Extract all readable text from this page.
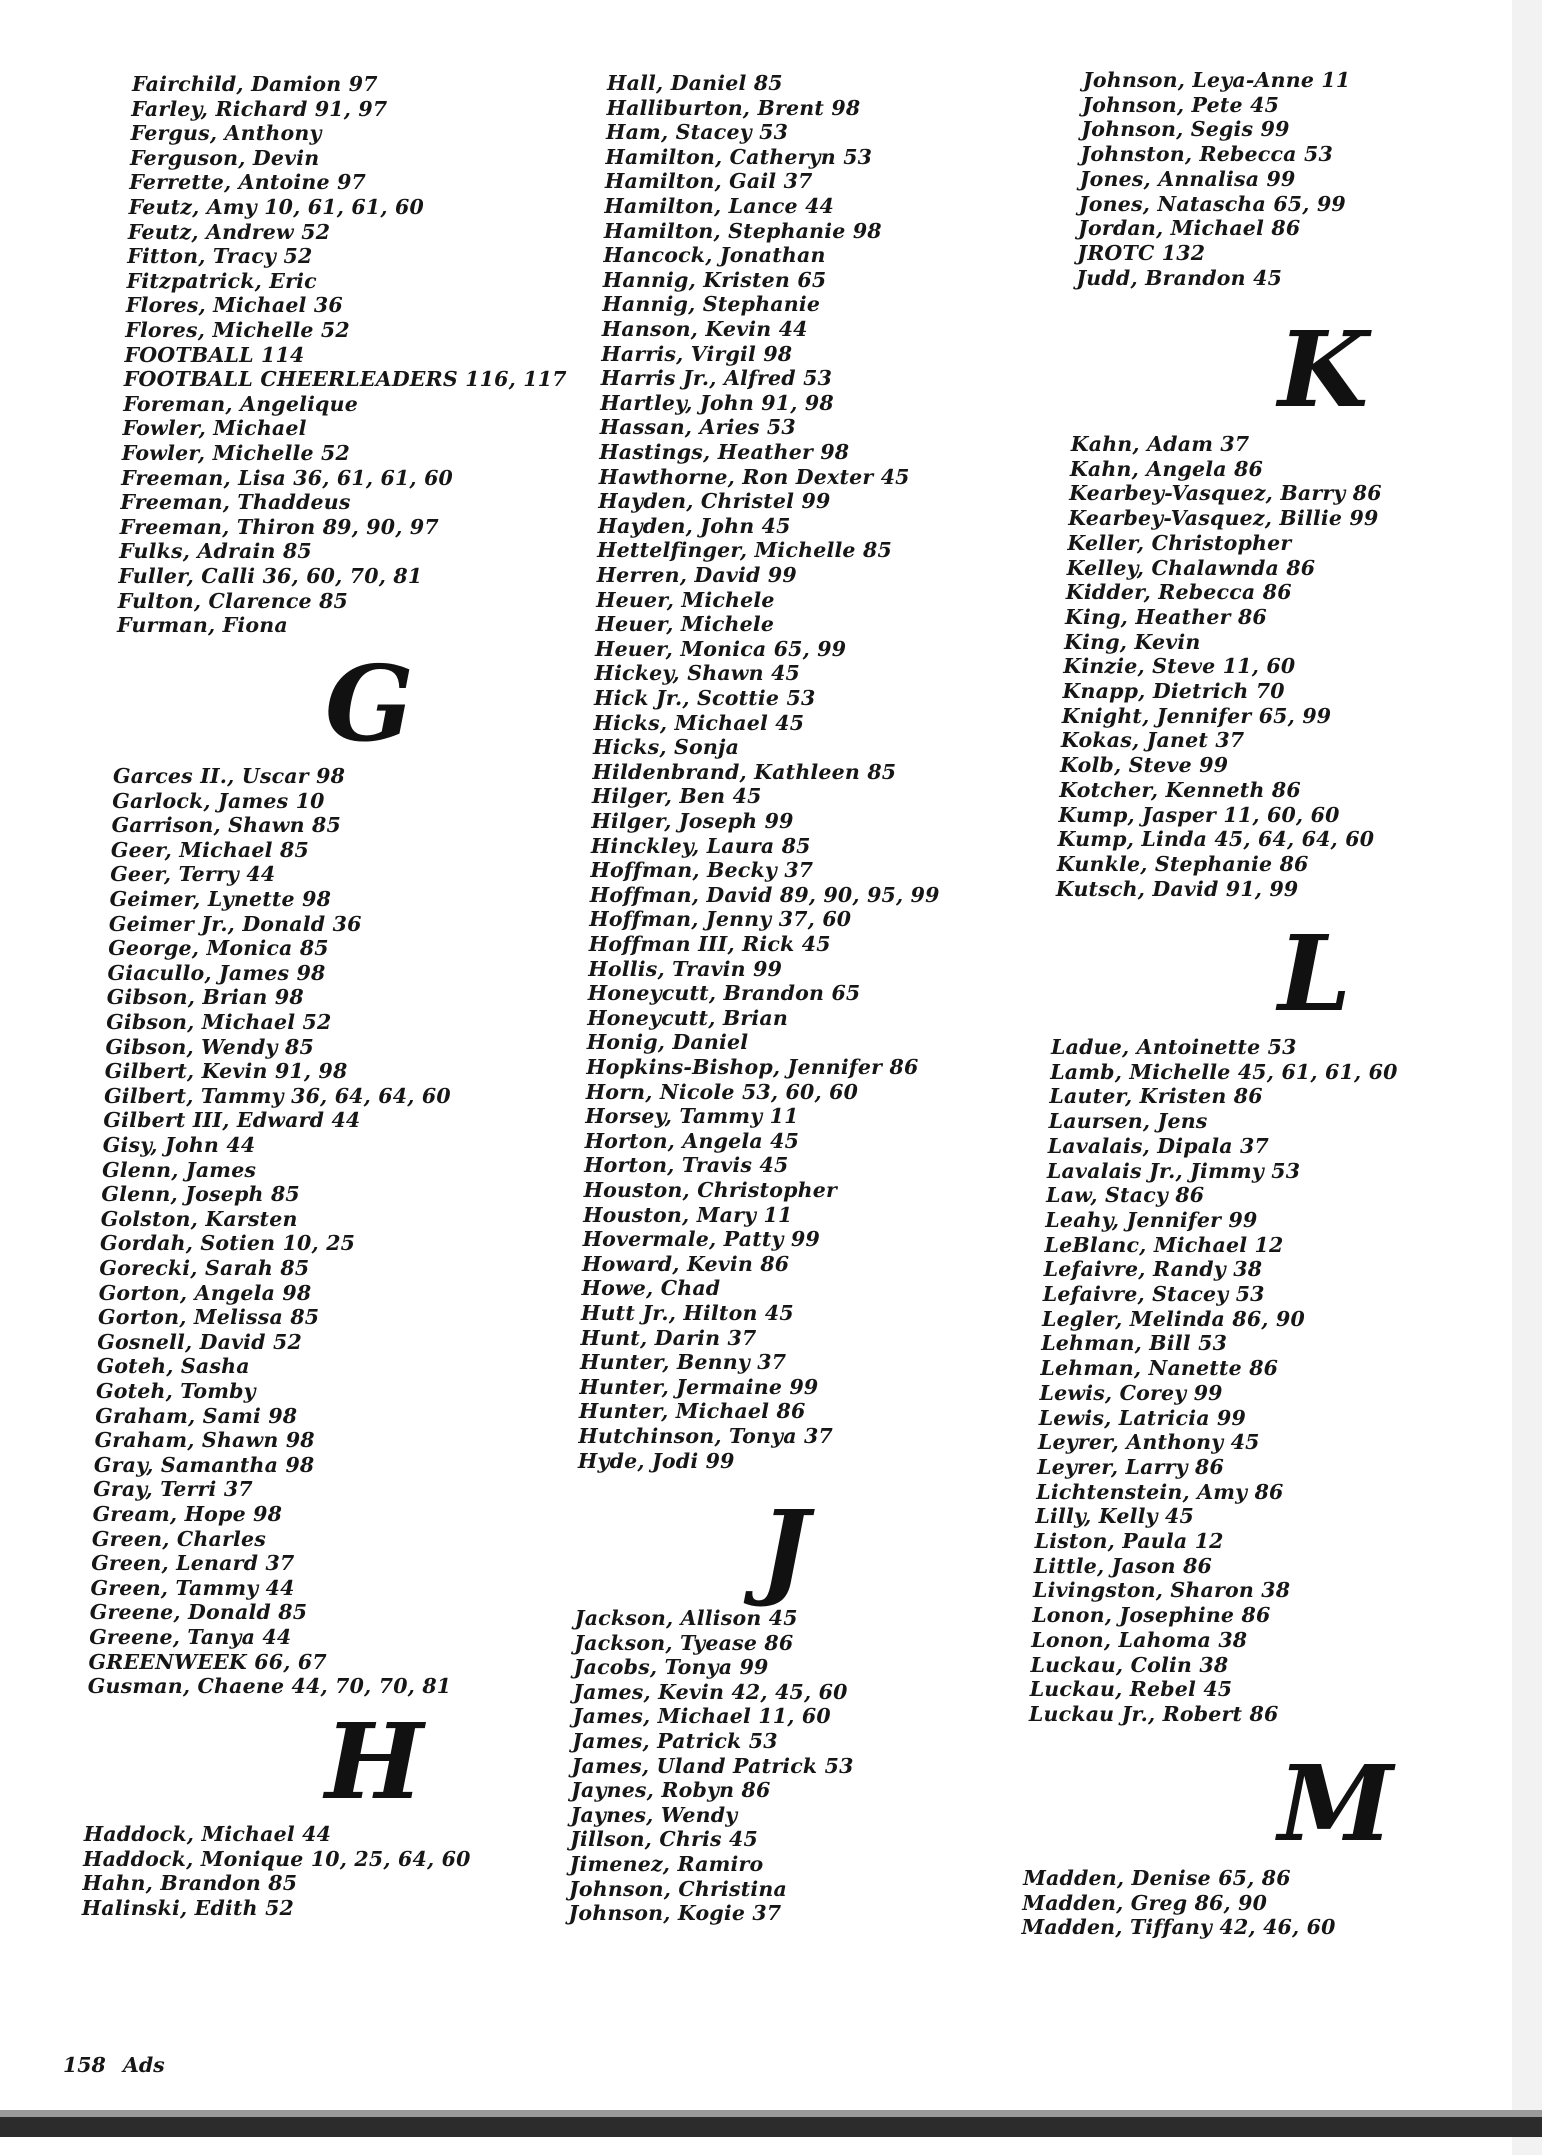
Fairchild, Damion 97
Farley, Richard 91, 97
Fergus, Anthony
Ferguson, Devin
Ferrette, Antoine 97
Feutz, Amy 10, 61, 61, 60
Feutz, Andrew 52
Fitton, Tracy 52
Fitzpatrick, Eric
Flores, Michael 36
Flores, Michelle 52
FOOTBALL 114
FOOTBALL CHEERLEADERS 116, 117
Foreman, Angelique
Fowler, Michael
Fowler, Michelle 52
Freeman, Lisa 36, 61, 61, 60
Freeman, Thaddeus
Freeman, Thiron 89, 90, 97
Fulks, Adrain 85
Fuller, Calli 36, 60, 70, 81
Fulton, Clarence 85
Furman, Fiona
G
Garces II., Uscar 98
Garlock, James 10
Garrison, Shawn 85
Geer, Michael 85
Geer, Terry 44
Geimer, Lynette 98
Geimer Jr., Donald 36
George, Monica 85
Giacullo, James 98
Gibson, Brian 98
Gibson, Michael 52
Gibson, Wendy 85
Gilbert, Kevin 91, 98
Gilbert, Tammy 36, 64, 64, 60
Gilbert III, Edward 44
Gisy, John 44
Glenn, James
Glenn, Joseph 85
Golston, Karsten
Gordah, Sotien 10, 25
Gorecki, Sarah 85
Gorton, Angela 98
Gorton, Melissa 85
Gosnell, David 52
Goteh, Sasha
Goteh, Tomby
Graham, Sami 98
Graham, Shawn 98
Gray, Samantha 98
Gray, Terri 37
Gream, Hope 98
Green, Charles
Green, Lenard 37
Green, Tammy 44
Greene, Donald 85
Greene, Tanya 44
GREENWEEK 66, 67
Gusman, Chaene 44, 70, 70, 81
H
Haddock, Michael 44
Haddock, Monique 10, 25, 64, 60
Hahn, Brandon 85
Halinski, Edith 52
Hall, Daniel 85
Halliburton, Brent 98
Ham, Stacey 53
Hamilton, Catheryn 53
Hamilton, Gail 37
Hamilton, Lance 44
Hamilton, Stephanie 98
Hancock, Jonathan
Hannig, Kristen 65
Hannig, Stephanie
Hanson, Kevin 44
Harris, Virgil 98
Harris Jr., Alfred 53
Hartley, John 91, 98
Hassan, Aries 53
Hastings, Heather 98
Hawthorne, Ron Dexter 45
Hayden, Christel 99
Hayden, John 45
Hettelfinger, Michelle 85
Herren, David 99
Heuer, Michele
Heuer, Michele
Heuer, Monica 65, 99
Hickey, Shawn 45
Hick Jr., Scottie 53
Hicks, Michael 45
Hicks, Sonja
Hildenbrand, Kathleen 85
Hilger, Ben 45
Hilger, Joseph 99
Hinckley, Laura 85
Hoffman, Becky 37
Hoffman, David 89, 90, 95, 99
Hoffman, Jenny 37, 60
Hoffman III, Rick 45
Hollis, Travin 99
Honeycutt, Brandon 65
Honeycutt, Brian
Honig, Daniel
Hopkins-Bishop, Jennifer 86
Horn, Nicole 53, 60, 60
Horsey, Tammy 11
Horton, Angela 45
Horton, Travis 45
Houston, Christopher
Houston, Mary 11
Hovermale, Patty 99
Howard, Kevin 86
Howe, Chad
Hutt Jr., Hilton 45
Hunt, Darin 37
Hunter, Benny 37
Hunter, Jermaine 99
Hunter, Michael 86
Hutchinson, Tonya 37
Hyde, Jodi 99
J
Jackson, Allison 45
Jackson, Tyease 86
Jacobs, Tonya 99
James, Kevin 42, 45, 60
James, Michael 11, 60
James, Patrick 53
James, Uland Patrick 53
Jaynes, Robyn 86
Jaynes, Wendy
Jillson, Chris 45
Jimenez, Ramiro
Johnson, Christina
Johnson, Kogie 37
Johnson, Leya-Anne 11
Johnson, Pete 45
Johnson, Segis 99
Johnston, Rebecca 53
Jones, Annalisa 99
Jones, Natascha 65, 99
Jordan, Michael 86
JROTC 132
Judd, Brandon 45
K
Kahn, Adam 37
Kahn, Angela 86
Kearbey-Vasquez, Barry 86
Kearbey-Vasquez, Billie 99
Keller, Christopher
Kelley, Chalawnda 86
Kidder, Rebecca 86
King, Heather 86
King, Kevin
Kinzie, Steve 11, 60
Knapp, Dietrich 70
Knight, Jennifer 65, 99
Kokas, Janet 37
Kolb, Steve 99
Kotcher, Kenneth 86
Kump, Jasper 11, 60, 60
Kump, Linda 45, 64, 64, 60
Kunkle, Stephanie 86
Kutsch, David 91, 99
L
Ladue, Antoinette 53
Lamb, Michelle 45, 61, 61, 60
Lauter, Kristen 86
Laursen, Jens
Lavalais, Dipala 37
Lavalais Jr., Jimmy 53
Law, Stacy 86
Leahy, Jennifer 99
LeBlanc, Michael 12
Lefaivre, Randy 38
Lefaivre, Stacey 53
Legler, Melinda 86, 90
Lehman, Bill 53
Lehman, Nanette 86
Lewis, Corey 99
Lewis, Latricia 99
Leyrer, Anthony 45
Leyrer, Larry 86
Lichtenstein, Amy 86
Lilly, Kelly 45
Liston, Paula 12
Little, Jason 86
Livingston, Sharon 38
Lonon, Josephine 86
Lonon, Lahoma 38
Luckau, Colin 38
Luckau, Rebel 45
Luckau Jr., Robert 86
M
Madden, Denise 65, 86
Madden, Greg 86, 90
Madden, Tiffany 42, 46, 60
158 Ads
